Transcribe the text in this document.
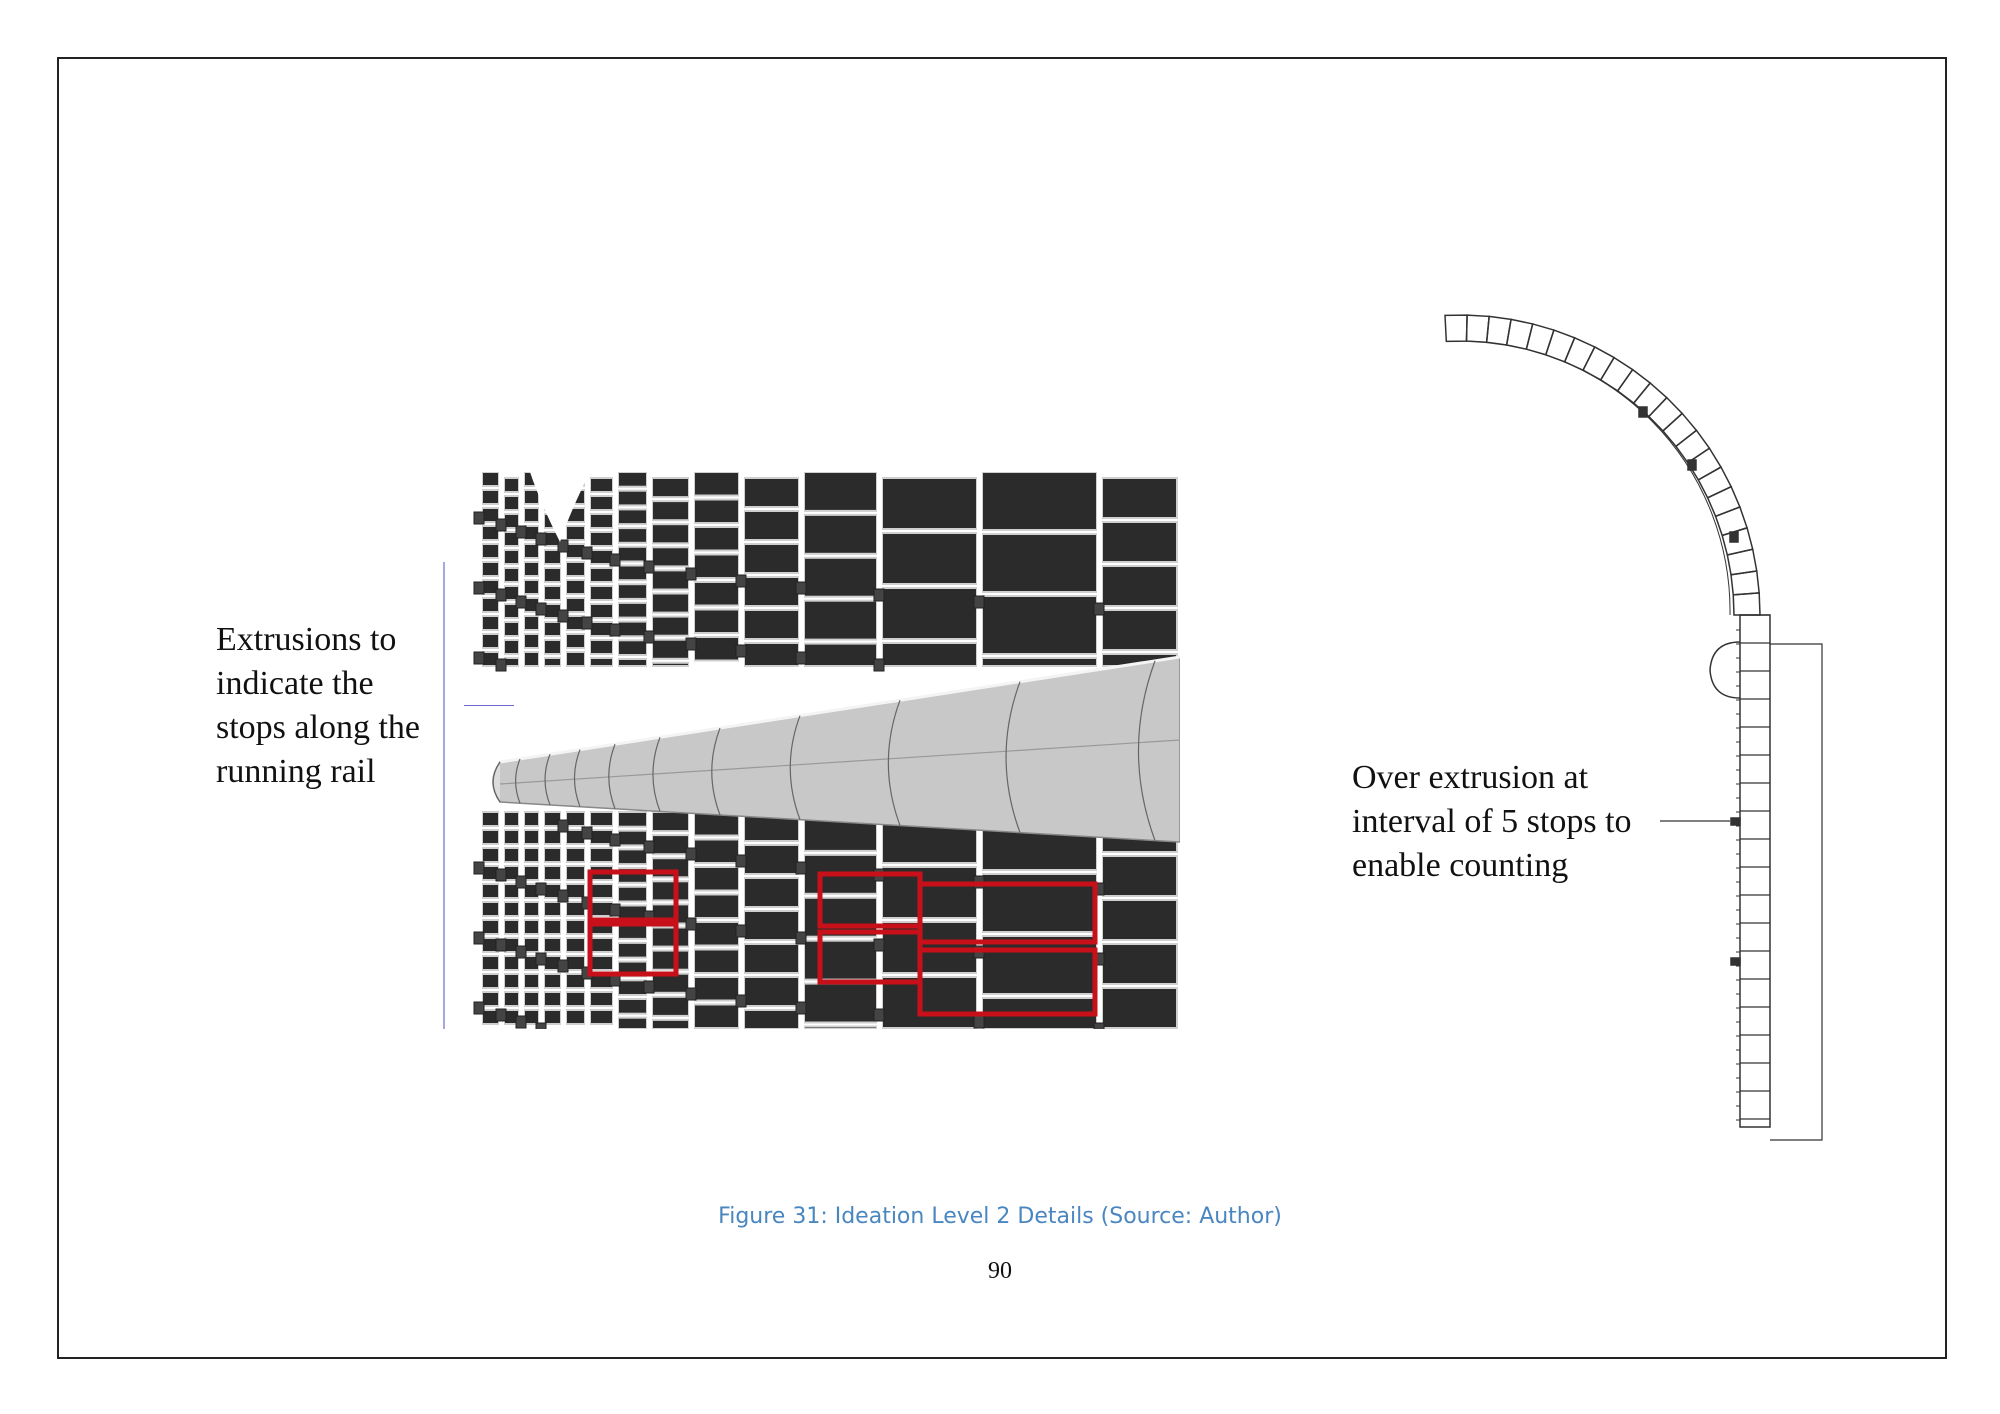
Extrusions to
indicate the
stops along the
running rail	Over extrusion at
interval of 5 stops to
enable counting
Figure 31: Ideation Level 2 Details (Source: Author)
90
